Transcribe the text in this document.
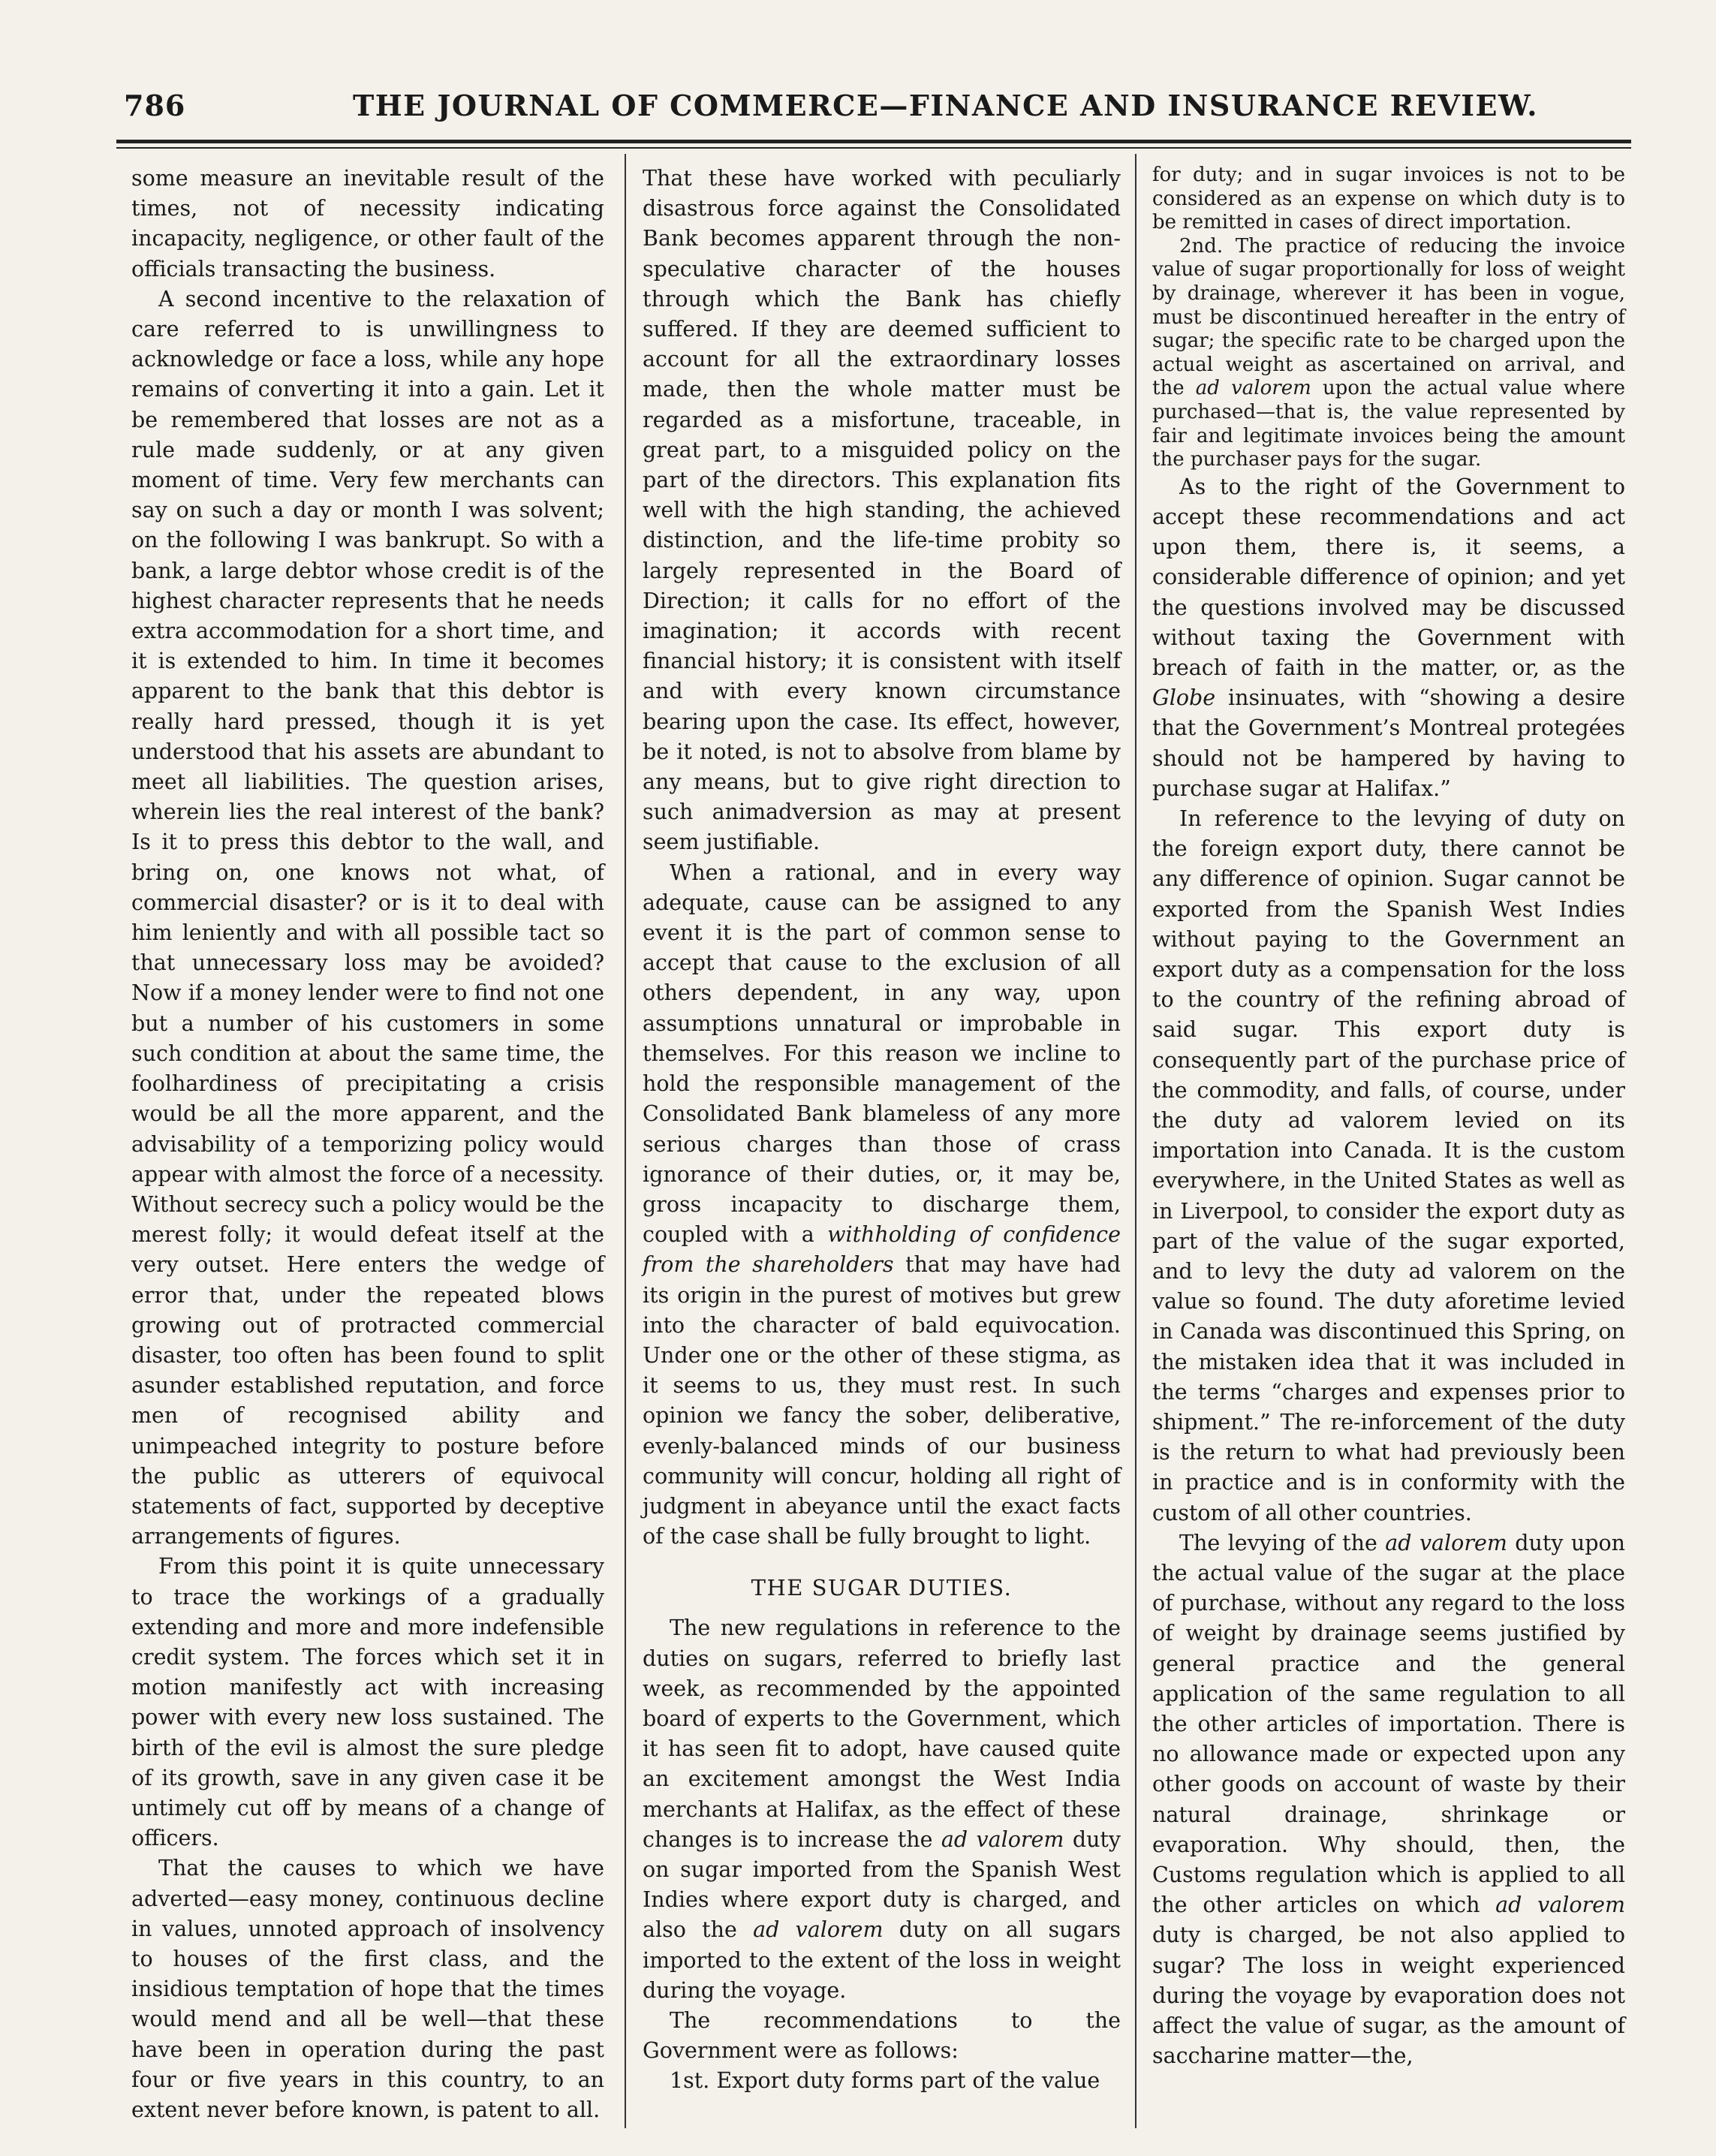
786	THE JOURNAL OF COMMERCE—FINANCE AND INSURANCE REVIEW.

some measure an inevitable result of the times, not of necessity indicating incapacity, negligence, or other fault of the officials transacting the business.

A second incentive to the relaxation of care referred to is unwillingness to acknowledge or face a loss, while any hope remains of converting it into a gain. Let it be remembered that losses are not as a rule made suddenly, or at any given moment of time. Very few merchants can say on such a day or month I was solvent; on the following I was bankrupt. So with a bank, a large debtor whose credit is of the highest character represents that he needs extra accommodation for a short time, and it is extended to him. In time it becomes apparent to the bank that this debtor is really hard pressed, though it is yet understood that his assets are abundant to meet all liabilities. The question arises, wherein lies the real interest of the bank? Is it to press this debtor to the wall, and bring on, one knows not what, of commercial disaster? or is it to deal with him leniently and with all possible tact so that unnecessary loss may be avoided? Now if a money lender were to find not one but a number of his customers in some such condition at about the same time, the foolhardiness of precipitating a crisis would be all the more apparent, and the advisability of a temporizing policy would appear with almost the force of a necessity. Without secrecy such a policy would be the merest folly; it would defeat itself at the very outset. Here enters the wedge of error that, under the repeated blows growing out of protracted commercial disaster, too often has been found to split asunder established reputation, and force men of recognised ability and unimpeached integrity to posture before the public as utterers of equivocal statements of fact, supported by deceptive arrangements of figures.

From this point it is quite unnecessary to trace the workings of a gradually extending and more and more indefensible credit system. The forces which set it in motion manifestly act with increasing power with every new loss sustained. The birth of the evil is almost the sure pledge of its growth, save in any given case it be untimely cut off by means of a change of officers.

That the causes to which we have adverted—easy money, continuous decline in values, unnoted approach of insolvency to houses of the first class, and the insidious temptation of hope that the times would mend and all be well—that these have been in operation during the past four or five years in this country, to an extent never before known, is patent to all.

That these have worked with peculiarly disastrous force against the Consolidated Bank becomes apparent through the non-speculative character of the houses through which the Bank has chiefly suffered. If they are deemed sufficient to account for all the extraordinary losses made, then the whole matter must be regarded as a misfortune, traceable, in great part, to a misguided policy on the part of the directors. This explanation fits well with the high standing, the achieved distinction, and the life-time probity so largely represented in the Board of Direction; it calls for no effort of the imagination; it accords with recent financial history; it is consistent with itself and with every known circumstance bearing upon the case. Its effect, however, be it noted, is not to absolve from blame by any means, but to give right direction to such animadversion as may at present seem justifiable.

When a rational, and in every way adequate, cause can be assigned to any event it is the part of common sense to accept that cause to the exclusion of all others dependent, in any way, upon assumptions unnatural or improbable in themselves. For this reason we incline to hold the responsible management of the Consolidated Bank blameless of any more serious charges than those of crass ignorance of their duties, or, it may be, gross incapacity to discharge them, coupled with a withholding of confidence from the shareholders that may have had its origin in the purest of motives but grew into the character of bald equivocation. Under one or the other of these stigma, as it seems to us, they must rest. In such opinion we fancy the sober, deliberative, evenly-balanced minds of our business community will concur, holding all right of judgment in abeyance until the exact facts of the case shall be fully brought to light.

THE SUGAR DUTIES.

The new regulations in reference to the duties on sugars, referred to briefly last week, as recommended by the appointed board of experts to the Government, which it has seen fit to adopt, have caused quite an excitement amongst the West India merchants at Halifax, as the effect of these changes is to increase the ad valorem duty on sugar imported from the Spanish West Indies where export duty is charged, and also the ad valorem duty on all sugars imported to the extent of the loss in weight during the voyage.

The recommendations to the Government were as follows:

1st. Export duty forms part of the value

for duty; and in sugar invoices is not to be considered as an expense on which duty is to be remitted in cases of direct importation.

2nd. The practice of reducing the invoice value of sugar proportionally for loss of weight by drainage, wherever it has been in vogue, must be discontinued hereafter in the entry of sugar; the specific rate to be charged upon the actual weight as ascertained on arrival, and the ad valorem upon the actual value where purchased—that is, the value represented by fair and legitimate invoices being the amount the purchaser pays for the sugar.

As to the right of the Government to accept these recommendations and act upon them, there is, it seems, a considerable difference of opinion; and yet the questions involved may be discussed without taxing the Government with breach of faith in the matter, or, as the Globe insinuates, with “showing a desire that the Government’s Montreal protegées should not be hampered by having to purchase sugar at Halifax.”

In reference to the levying of duty on the foreign export duty, there cannot be any difference of opinion. Sugar cannot be exported from the Spanish West Indies without paying to the Government an export duty as a compensation for the loss to the country of the refining abroad of said sugar. This export duty is consequently part of the purchase price of the commodity, and falls, of course, under the duty ad valorem levied on its importation into Canada. It is the custom everywhere, in the United States as well as in Liverpool, to consider the export duty as part of the value of the sugar exported, and to levy the duty ad valorem on the value so found. The duty aforetime levied in Canada was discontinued this Spring, on the mistaken idea that it was included in the terms “charges and expenses prior to shipment.” The re-inforcement of the duty is the return to what had previously been in practice and is in conformity with the custom of all other countries.

The levying of the ad valorem duty upon the actual value of the sugar at the place of purchase, without any regard to the loss of weight by drainage seems justified by general practice and the general application of the same regulation to all the other articles of importation. There is no allowance made or expected upon any other goods on account of waste by their natural drainage, shrinkage or evaporation. Why should, then, the Customs regulation which is applied to all the other articles on which ad valorem duty is charged, be not also applied to sugar? The loss in weight experienced during the voyage by evaporation does not affect the value of sugar, as the amount of saccharine matter—the,
